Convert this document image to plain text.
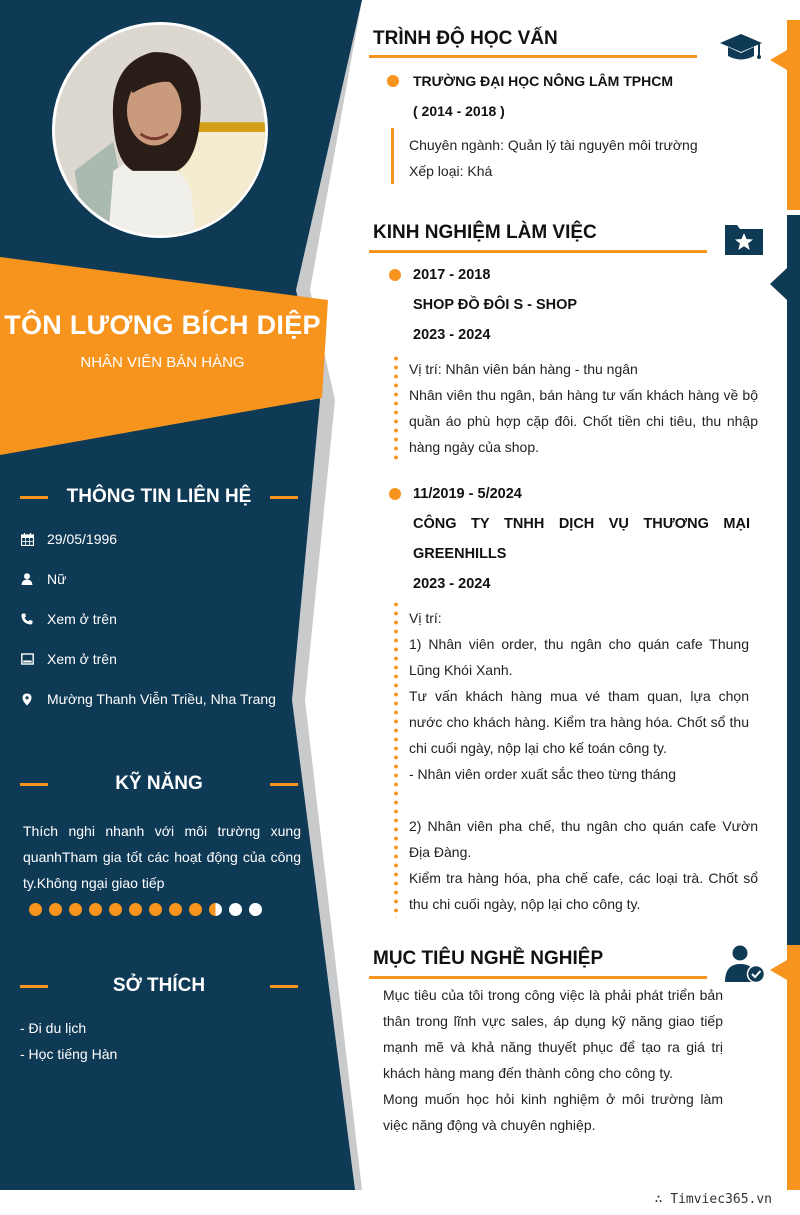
TÔN LƯƠNG BÍCH DIỆP
NHÂN VIÊN BÁN HÀNG
THÔNG TIN LIÊN HỆ
29/05/1996
Nữ
Xem ở trên
Xem ở trên
Mường Thanh Viễn Triều, Nha Trang
KỸ NĂNG
Thích nghi nhanh với môi trường xung quanhTham gia tốt các hoạt động của công ty.Không ngại giao tiếp
SỞ THÍCH
- Đi du lịch
- Học tiếng Hàn
TRÌNH ĐỘ HỌC VẤN
TRƯỜNG ĐẠI HỌC NÔNG LÂM TPHCM
( 2014 - 2018 )
Chuyên ngành: Quản lý tài nguyên môi trường
Xếp loại: Khá
KINH NGHIỆM LÀM VIỆC
2017 - 2018
SHOP ĐỒ ĐÔI S - SHOP
2023 - 2024
Vị trí: Nhân viên bán hàng - thu ngân
Nhân viên thu ngân, bán hàng tư vấn khách hàng về bộ quần áo phù hợp cặp đôi. Chốt tiền chi tiêu, thu nhập hàng ngày của shop.
11/2019 - 5/2024
CÔNG TY TNHH DỊCH VỤ THƯƠNG MẠI
GREENHILLS
2023 - 2024
Vị trí:
1) Nhân viên order, thu ngân cho quán cafe Thung Lũng Khói Xanh.
Tư vấn khách hàng mua vé tham quan, lựa chọn nước cho khách hàng. Kiểm tra hàng hóa. Chốt sổ thu chi cuối ngày, nộp lại cho kế toán công ty.
- Nhân viên order xuất sắc theo từng tháng
2) Nhân viên pha chế, thu ngân cho quán cafe Vườn Địa Đàng.
Kiểm tra hàng hóa, pha chế cafe, các loại trà. Chốt sổ thu chi cuối ngày, nộp lại cho công ty.
MỤC TIÊU NGHỀ NGHIỆP
Mục tiêu của tôi trong công việc là phải phát triển bản thân trong lĩnh vực sales, áp dụng kỹ năng giao tiếp mạnh mẽ và khả năng thuyết phục để tạo ra giá trị khách hàng mang đến thành công cho công ty.
Mong muốn học hỏi kinh nghiệm ở môi trường làm việc năng động và chuyên nghiệp.
∴ Timviec365.vn
